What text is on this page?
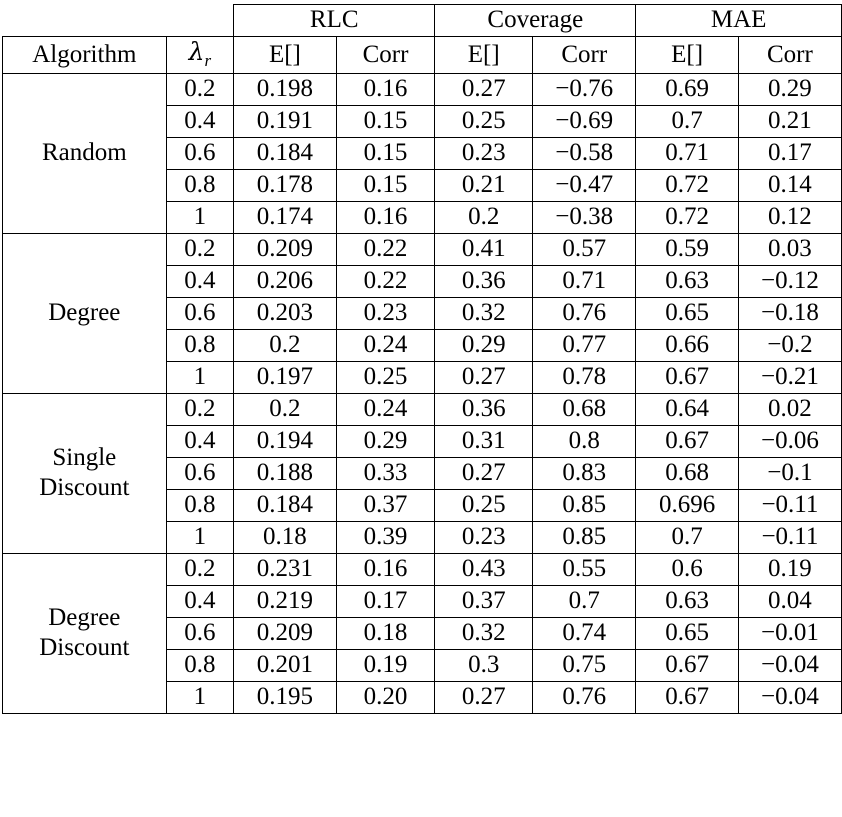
		RLC		Coverage		MAE	
Algorithm	$\lambda_r$	E[]	Corr	E[]	Corr	E[]	Corr
Random	0.2	0.198	0.16	0.27	−0.76	0.69	0.29
	0.4	0.191	0.15	0.25	−0.69	0.7	0.21
	0.6	0.184	0.15	0.23	−0.58	0.71	0.17
	0.8	0.178	0.15	0.21	−0.47	0.72	0.14
	1	0.174	0.16	0.2	−0.38	0.72	0.12
Degree	0.2	0.209	0.22	0.41	0.57	0.59	0.03
	0.4	0.206	0.22	0.36	0.71	0.63	−0.12
	0.6	0.203	0.23	0.32	0.76	0.65	−0.18
	0.8	0.2	0.24	0.29	0.77	0.66	−0.2
	1	0.197	0.25	0.27	0.78	0.67	−0.21
Single
Discount	0.2	0.2	0.24	0.36	0.68	0.64	0.02
	0.4	0.194	0.29	0.31	0.8	0.67	−0.06
	0.6	0.188	0.33	0.27	0.83	0.68	−0.1
	0.8	0.184	0.37	0.25	0.85	0.696	−0.11
	1	0.18	0.39	0.23	0.85	0.7	−0.11
Degree
Discount	0.2	0.231	0.16	0.43	0.55	0.6	0.19
	0.4	0.219	0.17	0.37	0.7	0.63	0.04
	0.6	0.209	0.18	0.32	0.74	0.65	−0.01
	0.8	0.201	0.19	0.3	0.75	0.67	−0.04
	1	0.195	0.20	0.27	0.76	0.67	−0.04
